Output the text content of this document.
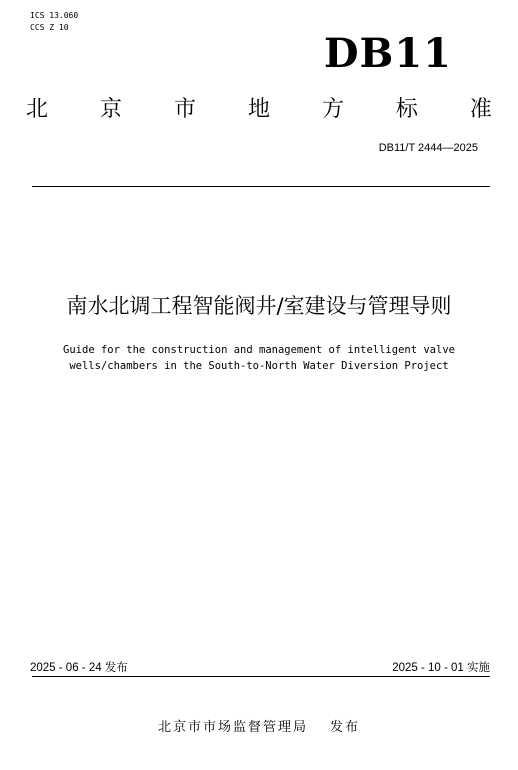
ICS 13.060
CCS Z 10
DB11
北 京 市 地 方 标 准
DB11/T 2444—2025
南水北调工程智能阀井/室建设与管理导则
Guide for the construction and management of intelligent valve
wells/chambers in the South-to-North Water Diversion Project
2025 - 06 - 24 发布	2025 - 10 - 01 实施
北京市市场监督管理局 发布
